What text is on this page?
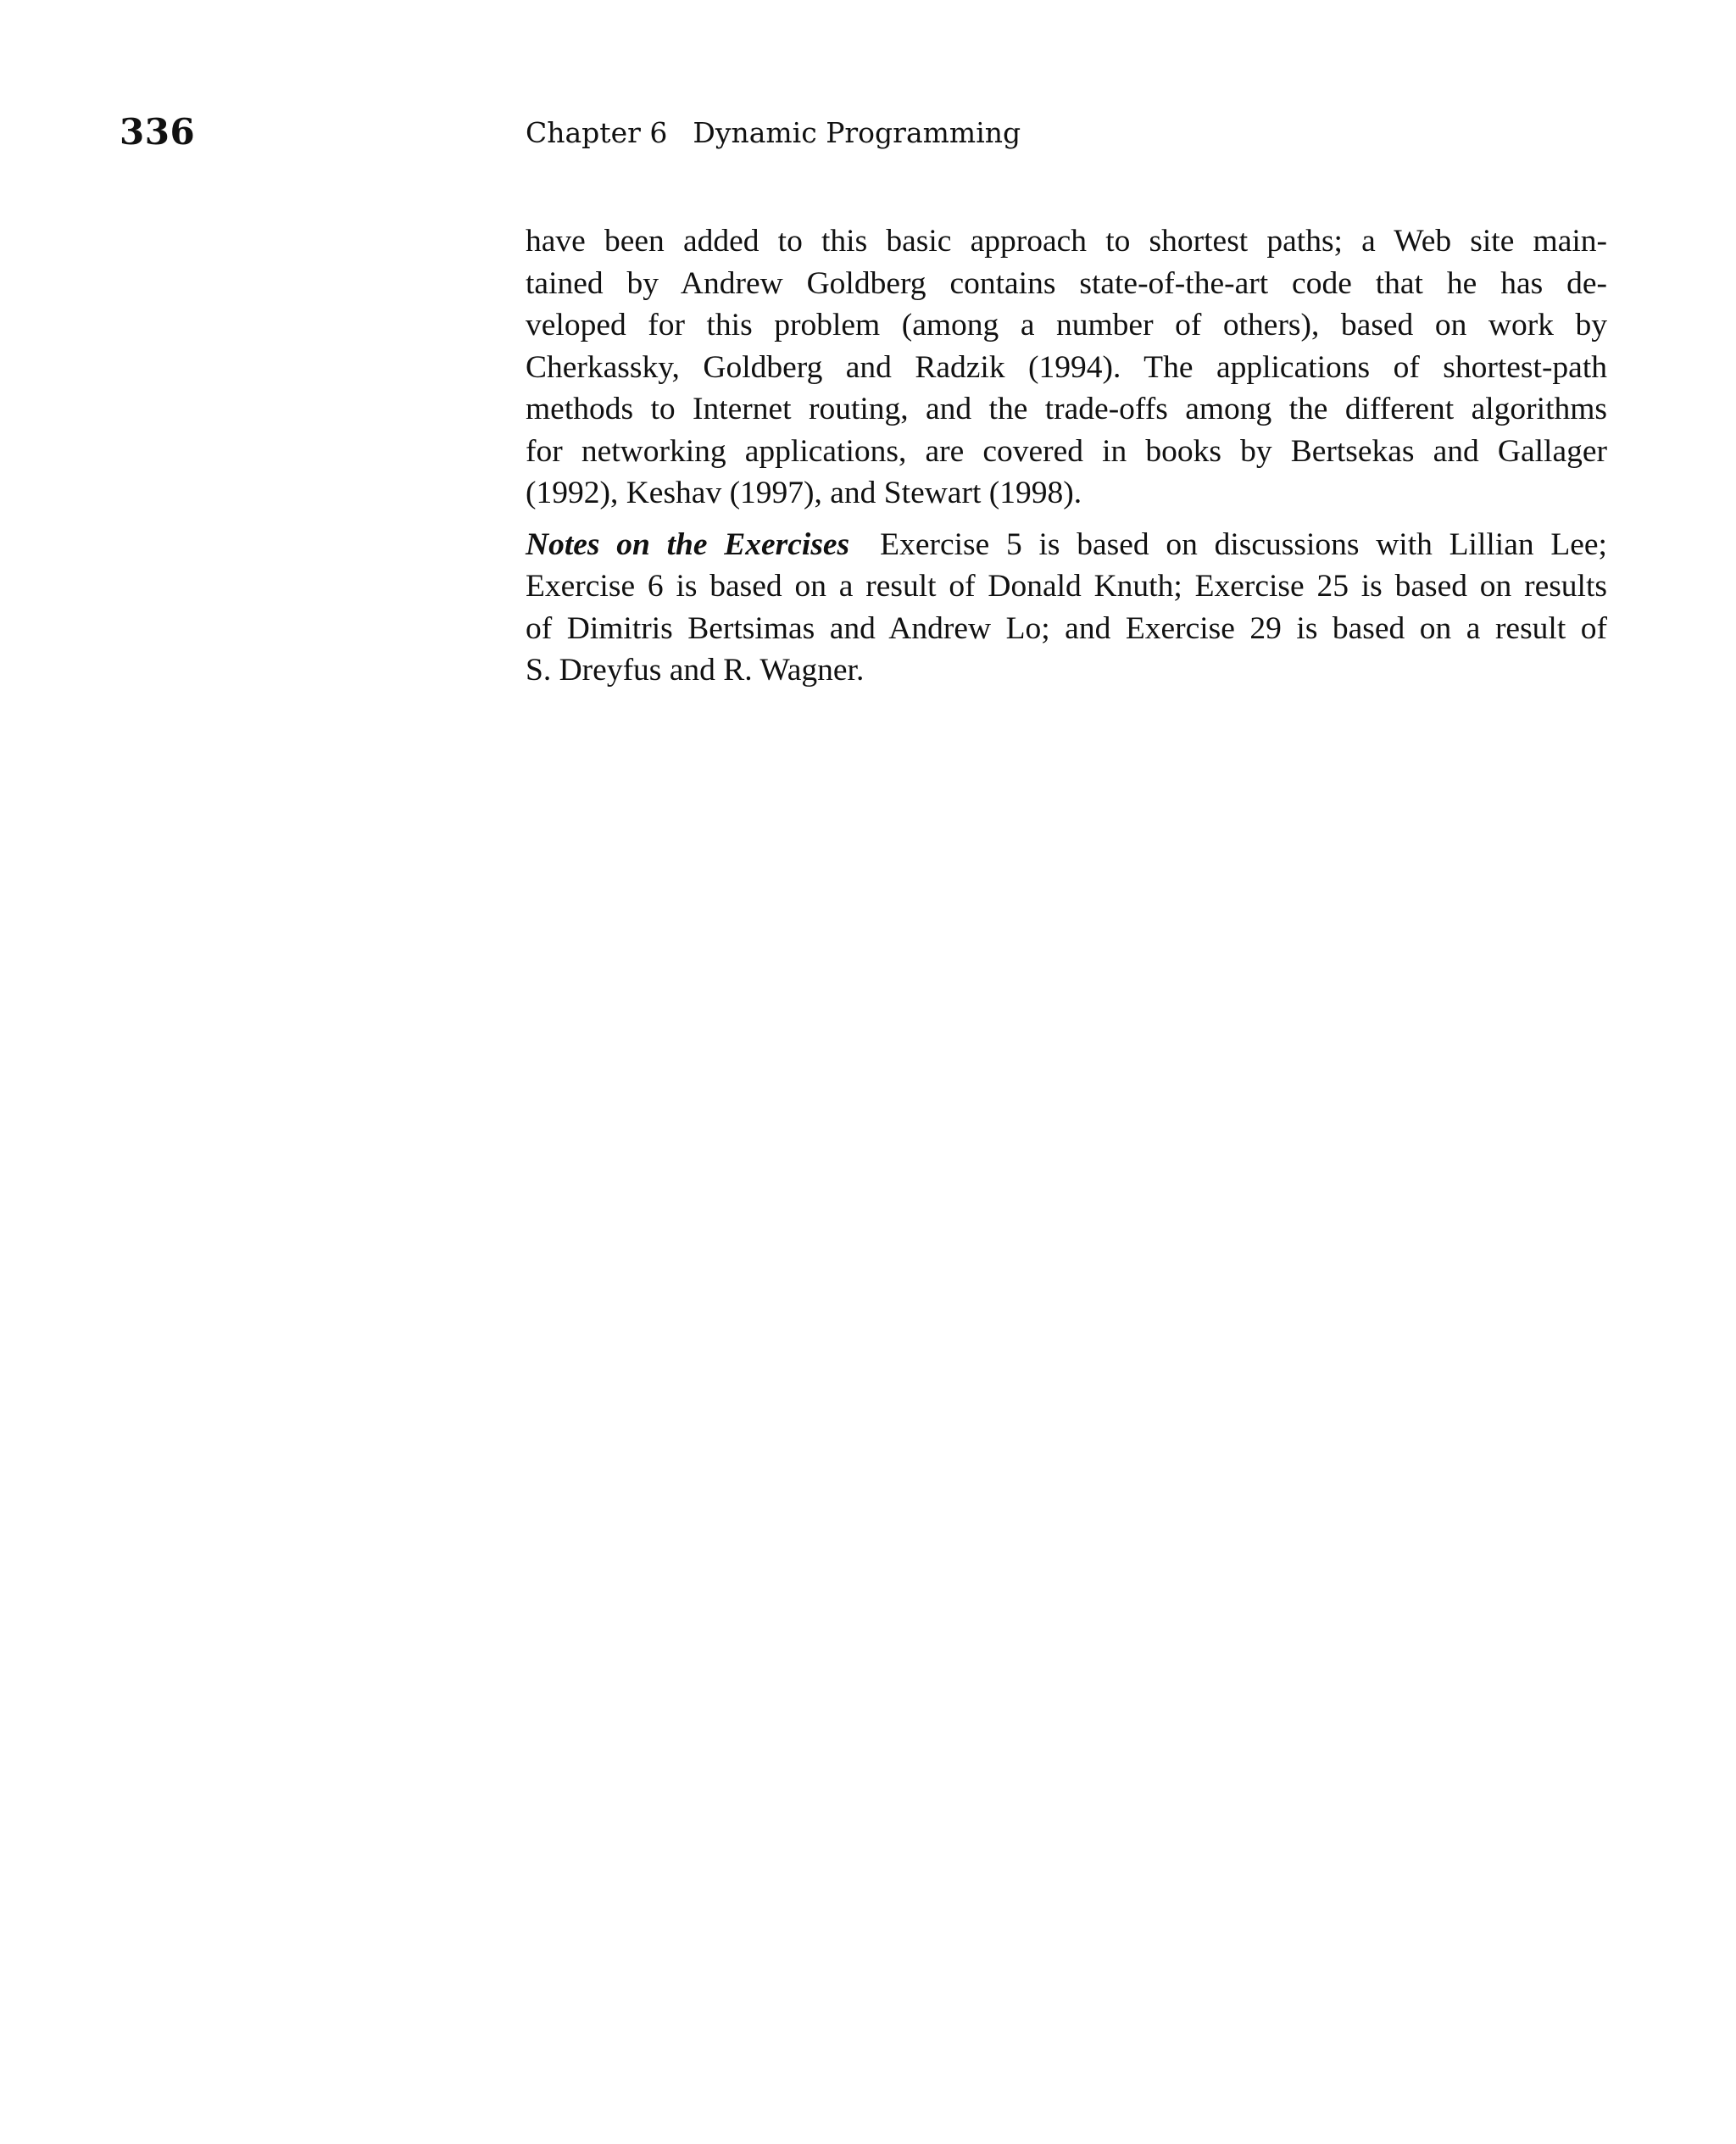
336	Chapter 6 Dynamic Programming
have been added to this basic approach to shortest paths; a Web site main-
tained by Andrew Goldberg contains state-of-the-art code that he has de-
veloped for this problem (among a number of others), based on work by
Cherkassky, Goldberg and Radzik (1994). The applications of shortest-path
methods to Internet routing, and the trade-offs among the different algorithms
for networking applications, are covered in books by Bertsekas and Gallager
(1992), Keshav (1997), and Stewart (1998).
Notes on the Exercises Exercise 5 is based on discussions with Lillian Lee;
Exercise 6 is based on a result of Donald Knuth; Exercise 25 is based on results
of Dimitris Bertsimas and Andrew Lo; and Exercise 29 is based on a result of
S. Dreyfus and R. Wagner.
